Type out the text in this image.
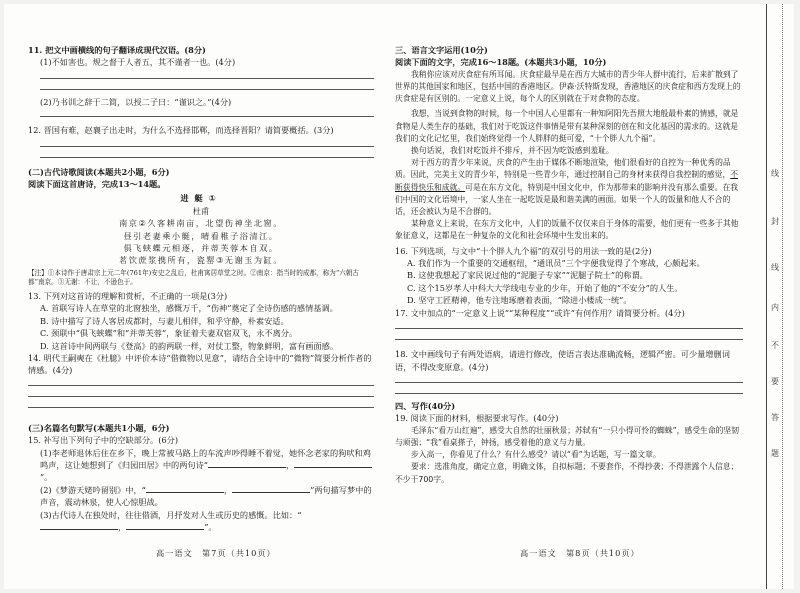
11. 把文中画横线的句子翻译成现代汉语。(8分)

(1)不如害也。规之督于人者五，其不谨者一也。(4分)

(2)乃书训之辞于二简，以授二子曰：“谨识之。”(4分)

12. 晋国有难，赵襄子出走时，为什么不选择邯郸，而选择晋阳？请简要概括。(3分)

(二)古代诗歌阅读(本题共2小题，6分)

阅读下面这首唐诗，完成13～14题。

进艇①

杜甫

南京②久客耕南亩，北望伤神坐北窗。

昼引老妻乘小艇，晴看稚子浴清江。

俱飞蛱蝶元相逐，并蒂芙蓉本自双。

茗饮蔗浆携所有，瓷罂③无谢玉为缸。

【注】①本诗作于唐肃宗上元二年(761年)安史之乱后，杜甫寓居草堂之时。②南京：指当时的成都，称为“六朝古都”南京。③无谢：不让，不逊色于。

13. 下列对这首诗的理解和赏析，不正确的一项是(3分)

A. 首联写诗人在草堂的北窗独坐，感慨万千，“伤神”奠定了全诗伤感的感情基调。

B. 诗中描写了诗人客居成都时，与妻儿相伴，和乎守静，朴素安适。

C. 颈联中“俱飞蛱蝶”和“并蒂芙蓉”，象征着夫妻双宿双飞，永不离分。

D. 这首诗中间两联与《登高》的韵两联一样，对仗工整，物象鲜明，富有画面感。

14. 明代王嗣奭在《杜臆》中评价本诗“借微物以见意”，请结合全诗中的“微物”简要分析作者的情感。(4分)

(三)名篇名句默写(本题共1小题，6分)

15. 补写出下列句子中的空缺部分。(6分)

(1)李老师退休后住在乡下，晚上常被马路上的车流声吵得睡不着觉，她怀念老家的狗吠和鸡鸣声，这让她想到了《归园田居》中的两句诗“	，”。

(2)《梦游天姥吟留别》中，“	，	”两句描写梦中的声音，震动林泉，使人心惊胆战。

(3)古代诗人在独处时，往往借酒，月抒发对人生或历史的感慨。比如：“，	”。

高一语文　第7页（共10页）

三、语言文字运用(10分)

阅读下面的文字，完成16～18题。(本题共3小题，10分)

我稍你应该对庆食症有所耳闻。庆食症最早是在西方大城市的青少年人群中流行，后来扩散到了世界的其他国家和地区，包括中国的香港地区。伊森·沃特斯发现，香港地区的庆食症和西方发现上的庆食症是有区别的。一定意义上说，每个人的区别就在于对食物的态度。

我想，当说到食物的时候，每一个中国人心里都有一种知阿阳先吾照大地般最朴素的情感，就是食物是人类生存的基础，我们对于吃饭这件事情是带有某种深刻的创在和文化基因的需求的。这就是我们的文化记忆里，我们始终觉得一个人胖胖的挺可爱，“十个胖人九个福”。

换句话说，我们对吃饭并不排斥，并不因为吃饭感到羞耻。

对于西方的青少年来说，庆食的产生由于媒体不断地渲染，他们很看好的自控为一种优秀的品质。因此，完美主义的青少年，特别是一些青少年，通过控制自己的身材来获得自我控制的感觉，不断获得快乐和成就。可是在东方文化，特别是中国文化中，作为那带来的影响并没有那么重要。在我们中国的文化语境中，一家人坐在一起吃饭是最和谐美满的画面。如果一个人的饭量和他人不合的话，还会被认为是不合群的。

某种意义上来说，在东方文化中，人们的饭量不仅仅来自于身体的需要，他们更有一些多于其他象征意义，这都是在一种复杂的文化和社会环境中生发出来的。

16. 下列选项，与文中“十个胖人九个福”的双引号的用法一致的是(2分)

A. 我们作为一个重要的交通枢纽，“通讯员”三个字便我觉得了个寒战，心颇起来。

B. 这使我想起了家民说过他的“泥腿子专家”“泥腿子院士”的称谓。

C. 这个15岁孝人中科大大学线电专业的少年，开始了他的“不安分”的人生。

D. 坚守工匠精神，他专注地琢磨着表面，“除进小楼成一统”。

17. 文中加点的“一定意义上说”“某种程度”“或许”有何作用？请简要分析。(4分)

18. 文中画线句子有两处语病，请进行修改，使语言表达准确流畅，逻辑严密。可少量增删词语，不得改变原意。(4分)

四、写作(40分)

19. 阅读下面的材料，根据要求写作。(40分)

毛泽东“看万山红遍”，感受大自然的壮丽秋景；苏轼有“一只小得可怜的蜘蛛”，感受生命的坚韧与顽强；“我”看桌搽子，钟扬，感受着他的意义与力量。

步入高一，你看见了什么？有什么感受？请以“看”为话题，写一篇文章。

要求：选准角度，确定立意，明确文体，自拟标题；不要套作，不得抄袭；不得泄露个人信息；不少于700字。

高一语文　第8页（共10页）

线
封
线
内
不
要
答
题
